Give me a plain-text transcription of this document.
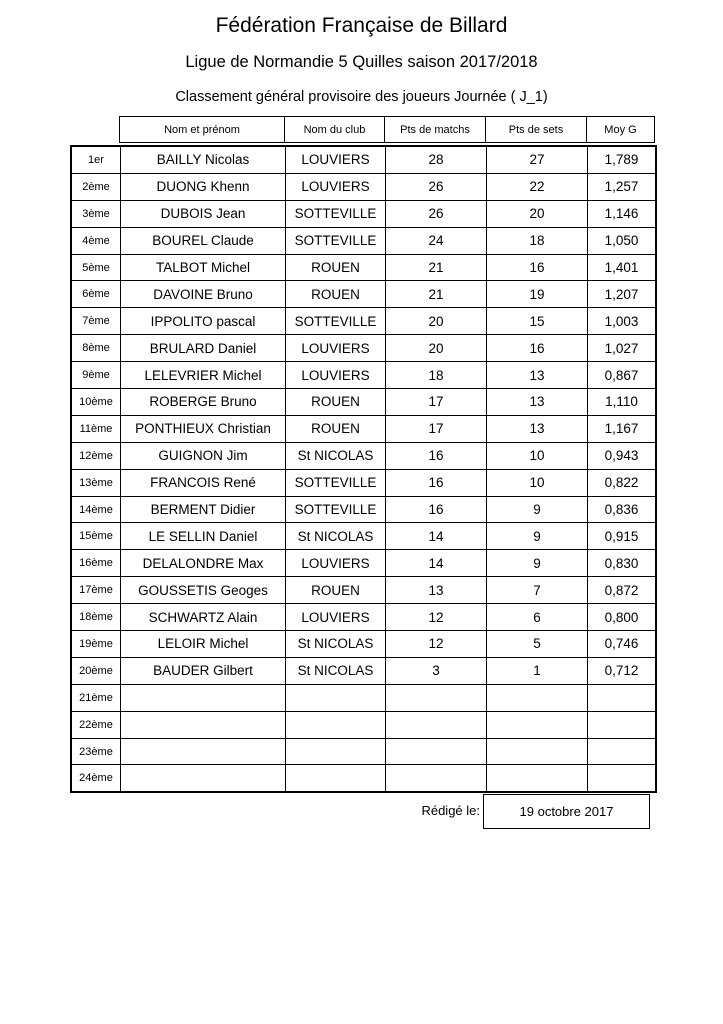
Fédération Française de Billard
Ligue de Normandie 5 Quilles saison 2017/2018
Classement général provisoire des joueurs Journée ( J_1)
Nom et prénom	Nom du club	Pts de matchs	Pts de sets	Moy G
1er	BAILLY Nicolas	LOUVIERS	28	27	1,789
2ème	DUONG Khenn	LOUVIERS	26	22	1,257
3ème	DUBOIS Jean	SOTTEVILLE	26	20	1,146
4ème	BOUREL Claude	SOTTEVILLE	24	18	1,050
5ème	TALBOT Michel	ROUEN	21	16	1,401
6ème	DAVOINE Bruno	ROUEN	21	19	1,207
7ème	IPPOLITO pascal	SOTTEVILLE	20	15	1,003
8ème	BRULARD Daniel	LOUVIERS	20	16	1,027
9ème	LELEVRIER Michel	LOUVIERS	18	13	0,867
10ème	ROBERGE Bruno	ROUEN	17	13	1,110
11ème	PONTHIEUX Christian	ROUEN	17	13	1,167
12ème	GUIGNON Jim	St NICOLAS	16	10	0,943
13ème	FRANCOIS René	SOTTEVILLE	16	10	0,822
14ème	BERMENT Didier	SOTTEVILLE	16	9	0,836
15ème	LE SELLIN Daniel	St NICOLAS	14	9	0,915
16ème	DELALONDRE Max	LOUVIERS	14	9	0,830
17ème	GOUSSETIS Geoges	ROUEN	13	7	0,872
18ème	SCHWARTZ Alain	LOUVIERS	12	6	0,800
19ème	LELOIR Michel	St NICOLAS	12	5	0,746
20ème	BAUDER Gilbert	St NICOLAS	3	1	0,712
21ème					
22ème					
23ème					
24ème					
Rédigé le:	19 octobre 2017
